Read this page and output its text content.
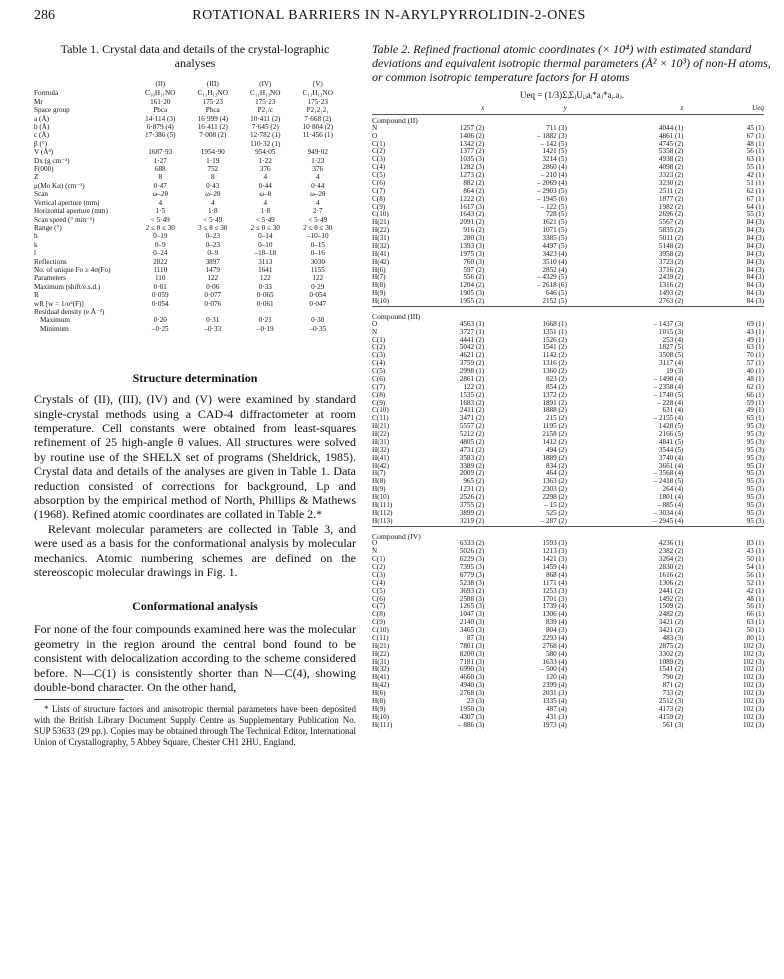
286	ROTATIONAL BARRIERS IN N-ARYLPYRROLIDIN-2-ONES

Table 1. Crystal data and details of the crystal-lographic analyses

	(II)	(III)	(IV)	(V)
Formula	C₁₀H₁₁NO	C₁₁H₁₃NO	C₁₁H₁₃NO	C₁₁H₁₃NO
Mr	161·20	175·23	175·23	175·23
Space group	Pbca	Pbca	P2₁/c	P2₁2₁2₁
a (Å)	14·114 (3)	16·999 (4)	10·411 (2)	7·668 (2)
b (Å)	6·879 (4)	16·411 (2)	7·645 (2)	10·804 (2)
c (Å)	17·386 (5)	7·008 (2)	12·782 (1)	11·456 (1)
β (°)			110·32 (1)	
V (Å³)	1687·93	1954·90	954·05	949·02
Dx (g cm⁻³)	1·27	1·19	1·22	1·23
F(000)	688	752	376	376
Z	8	8	4	4
μ(Mo Kα) (cm⁻¹)	0·47	0·43	0·44	0·44
Scan	ω–2θ	ω–2θ	ω–θ	ω–2θ
Vertical aperture (mm)	4	4	4	4
Horizontal aperture (mm)	1·5	1·8	1·8	2·7
Scan speed (° min⁻¹)	< 5·49	< 5·49	< 5·49	< 5·49
Range (°)	2 ≤ θ ≤ 30	3 ≤ θ ≤ 30	2 ≤ θ ≤ 30	2 ≤ θ ≤ 30
h	0–19	0–23	0–14	–10–10
k	0–9	0–23	0–10	0–15
l	0–24	0–9	–18–18	0–16
Reflections	2822	3897	3113	3030
No. of unique Fo ≥ 4σ(Fo)	1110	1479	1641	1155
Parameters	110	122	122	122
Maximum (shift/e.s.d.)	0·01	0·06	0·33	0·29
R	0·059	0·077	0·065	0·054
wR [w = 1/σ²(F)]	0·054	0·076	0·061	0·047
Residual density (e Å⁻³)				
Maximum	0·20	0·31	0·21	0·30
Minimum	–0·25	–0·33	–0·19	–0·35

Structure determination

Crystals of (II), (III), (IV) and (V) were examined by standard single-crystal methods using a CAD-4 diffractometer at room temperature. Cell constants were obtained from least-squares refinement of 25 high-angle θ values. All structures were solved by routine use of the SHELX set of programs (Sheldrick, 1985). Crystal data and details of the analyses are given in Table 1. Data reduction consisted of corrections for background, Lp and absorption by the empirical method of North, Phillips & Mathews (1968). Refined atomic coordinates are collated in Table 2.*

Relevant molecular parameters are collected in Table 3, and were used as a basis for the conformational analysis by molecular mechanics. Atomic numbering schemes are defined on the stereoscopic molecular drawings in Fig. 1.

Conformational analysis

For none of the four compounds examined here was the molecular geometry in the region around the central bond found to be consistent with delocalization according to the scheme considered before. N—C(1) is consistently shorter than N—C(4), showing double-bond character. On the other hand,

* Lists of structure factors and anisotropic thermal parameters have been deposited with the British Library Document Supply Centre as Supplementary Publication No. SUP 53633 (29 pp.). Copies may be obtained through The Technical Editor, International Union of Crystallography, 5 Abbey Square, Chester CH1 2HU, England.

Table 2. Refined fractional atomic coordinates (× 10⁴) with estimated standard deviations and equivalent isotropic thermal parameters (Å² × 10³) of non-H atoms, or common isotropic temperature factors for H atoms

Ueq = (1/3)ΣᵢΣⱼUᵢⱼaᵢ*aⱼ*aᵢ.aⱼ.
	x	y	z	Ueq
Compound (II)				
N	1257 (2)	711 (3)	4044 (1)	45 (1)
O	1406 (2)	– 1882 (3)	4861 (1)	67 (1)
C(1)	1342 (2)	– 142 (5)	4745 (2)	48 (1)
C(2)	1377 (2)	1421 (5)	5358 (2)	56 (1)
C(3)	1035 (3)	3214 (5)	4938 (2)	63 (1)
C(4)	1282 (3)	2860 (4)	4098 (2)	55 (1)
C(5)	1273 (2)	– 210 (4)	3323 (2)	42 (1)
C(6)	882 (2)	– 2069 (4)	3230 (2)	51 (1)
C(7)	864 (2)	– 2903 (5)	2511 (2)	62 (1)
C(8)	1222 (2)	– 1945 (6)	1877 (2)	67 (1)
C(9)	1617 (3)	– 122 (5)	1982 (2)	64 (1)
C(10)	1643 (2)	728 (5)	2696 (2)	55 (1)
H(21)	2091 (2)	1621 (5)	5567 (2)	84 (3)
H(22)	916 (2)	1071 (5)	5835 (2)	84 (3)
H(31)	280 (3)	3385 (5)	5011 (2)	84 (3)
H(32)	1393 (3)	4497 (5)	5148 (2)	84 (3)
H(41)	1975 (3)	3423 (4)	3958 (2)	84 (3)
H(42)	760 (3)	3510 (4)	3723 (2)	84 (3)
H(6)	597 (2)	2852 (4)	3716 (2)	84 (3)
H(7)	556 (2)	– 4329 (5)	2439 (2)	84 (3)
H(8)	1204 (2)	– 2618 (6)	1316 (2)	84 (3)
H(9)	1905 (3)	646 (5)	1493 (2)	84 (3)
H(10)	1955 (2)	2152 (5)	2763 (2)	84 (3)
Compound (III)				
O	4563 (1)	1668 (1)	– 1437 (3)	69 (1)
N	3727 (1)	1351 (1)	1015 (3)	43 (1)
C(1)	4441 (2)	1526 (2)	253 (4)	49 (1)
C(2)	5042 (2)	1541 (2)	1827 (5)	63 (1)
C(3)	4621 (2)	1142 (2)	3508 (5)	70 (1)
C(4)	3759 (2)	1316 (2)	3117 (4)	57 (1)
C(5)	2998 (1)	1360 (2)	19 (3)	40 (1)
C(6)	2861 (2)	823 (2)	– 1490 (4)	48 (1)
C(7)	122 (2)	854 (2)	– 2358 (4)	62 (1)
C(8)	1535 (2)	1372 (2)	– 1740 (5)	66 (1)
C(9)	1683 (2)	1891 (2)	– 228 (4)	59 (1)
C(10)	2411 (2)	1888 (2)	631 (4)	49 (1)
C(11)	3471 (2)	215 (2)	– 2155 (4)	65 (1)
H(21)	5557 (2)	1195 (2)	1428 (5)	95 (3)
H(22)	5212 (2)	2158 (2)	2166 (5)	95 (3)
H(31)	4805 (2)	1412 (2)	4841 (5)	95 (3)
H(32)	4731 (2)	494 (2)	3544 (5)	95 (3)
H(41)	3583 (2)	1889 (2)	3740 (4)	95 (3)
H(42)	3389 (2)	834 (2)	3661 (4)	95 (3)
H(7)	2009 (2)	464 (2)	– 3568 (4)	95 (3)
H(8)	965 (2)	1363 (2)	– 2418 (5)	95 (3)
H(9)	1231 (2)	2303 (2)	264 (4)	95 (3)
H(10)	2526 (2)	2298 (2)	1801 (4)	95 (3)
H(111)	3755 (2)	– 15 (2)	– 885 (4)	95 (3)
H(112)	3899 (2)	525 (2)	– 3034 (4)	95 (3)
H(113)	3219 (2)	– 287 (2)	– 2945 (4)	95 (3)
Compound (IV)				
O	6333 (2)	1593 (3)	4236 (1)	83 (1)
N	5026 (2)	1213 (3)	2382 (2)	43 (1)
C(1)	6229 (3)	1421 (3)	3264 (2)	50 (1)
C(2)	7395 (3)	1459 (4)	2830 (2)	54 (1)
C(3)	6779 (3)	868 (4)	1616 (2)	56 (1)
C(4)	5238 (3)	1171 (4)	1306 (2)	52 (1)
C(5)	3693 (2)	1253 (3)	2441 (2)	42 (1)
C(6)	2588 (3)	1701 (3)	1492 (2)	48 (1)
C(7)	1265 (3)	1739 (4)	1509 (2)	56 (1)
C(8)	1047 (3)	1306 (4)	2482 (2)	66 (1)
C(9)	2140 (3)	839 (4)	3421 (2)	63 (1)
C(10)	3465 (3)	804 (3)	3421 (2)	50 (1)
C(11)	87 (3)	2293 (4)	483 (3)	80 (1)
H(21)	7801 (3)	2768 (4)	2875 (2)	102 (3)
H(22)	8200 (3)	580 (4)	3302 (2)	102 (3)
H(31)	7181 (3)	1633 (4)	1089 (2)	102 (3)
H(32)	6990 (3)	– 500 (4)	1541 (2)	102 (3)
H(41)	4660 (3)	120 (4)	790 (2)	102 (3)
H(42)	4940 (3)	2399 (4)	871 (2)	102 (3)
H(6)	2768 (3)	2031 (3)	733 (2)	102 (3)
H(8)	23 (3)	1335 (4)	2512 (3)	102 (3)
H(9)	1950 (3)	487 (4)	4173 (2)	102 (3)
H(10)	4307 (3)	431 (3)	4159 (2)	102 (3)
H(111)	– 886 (3)	1973 (4)	561 (3)	102 (3)
